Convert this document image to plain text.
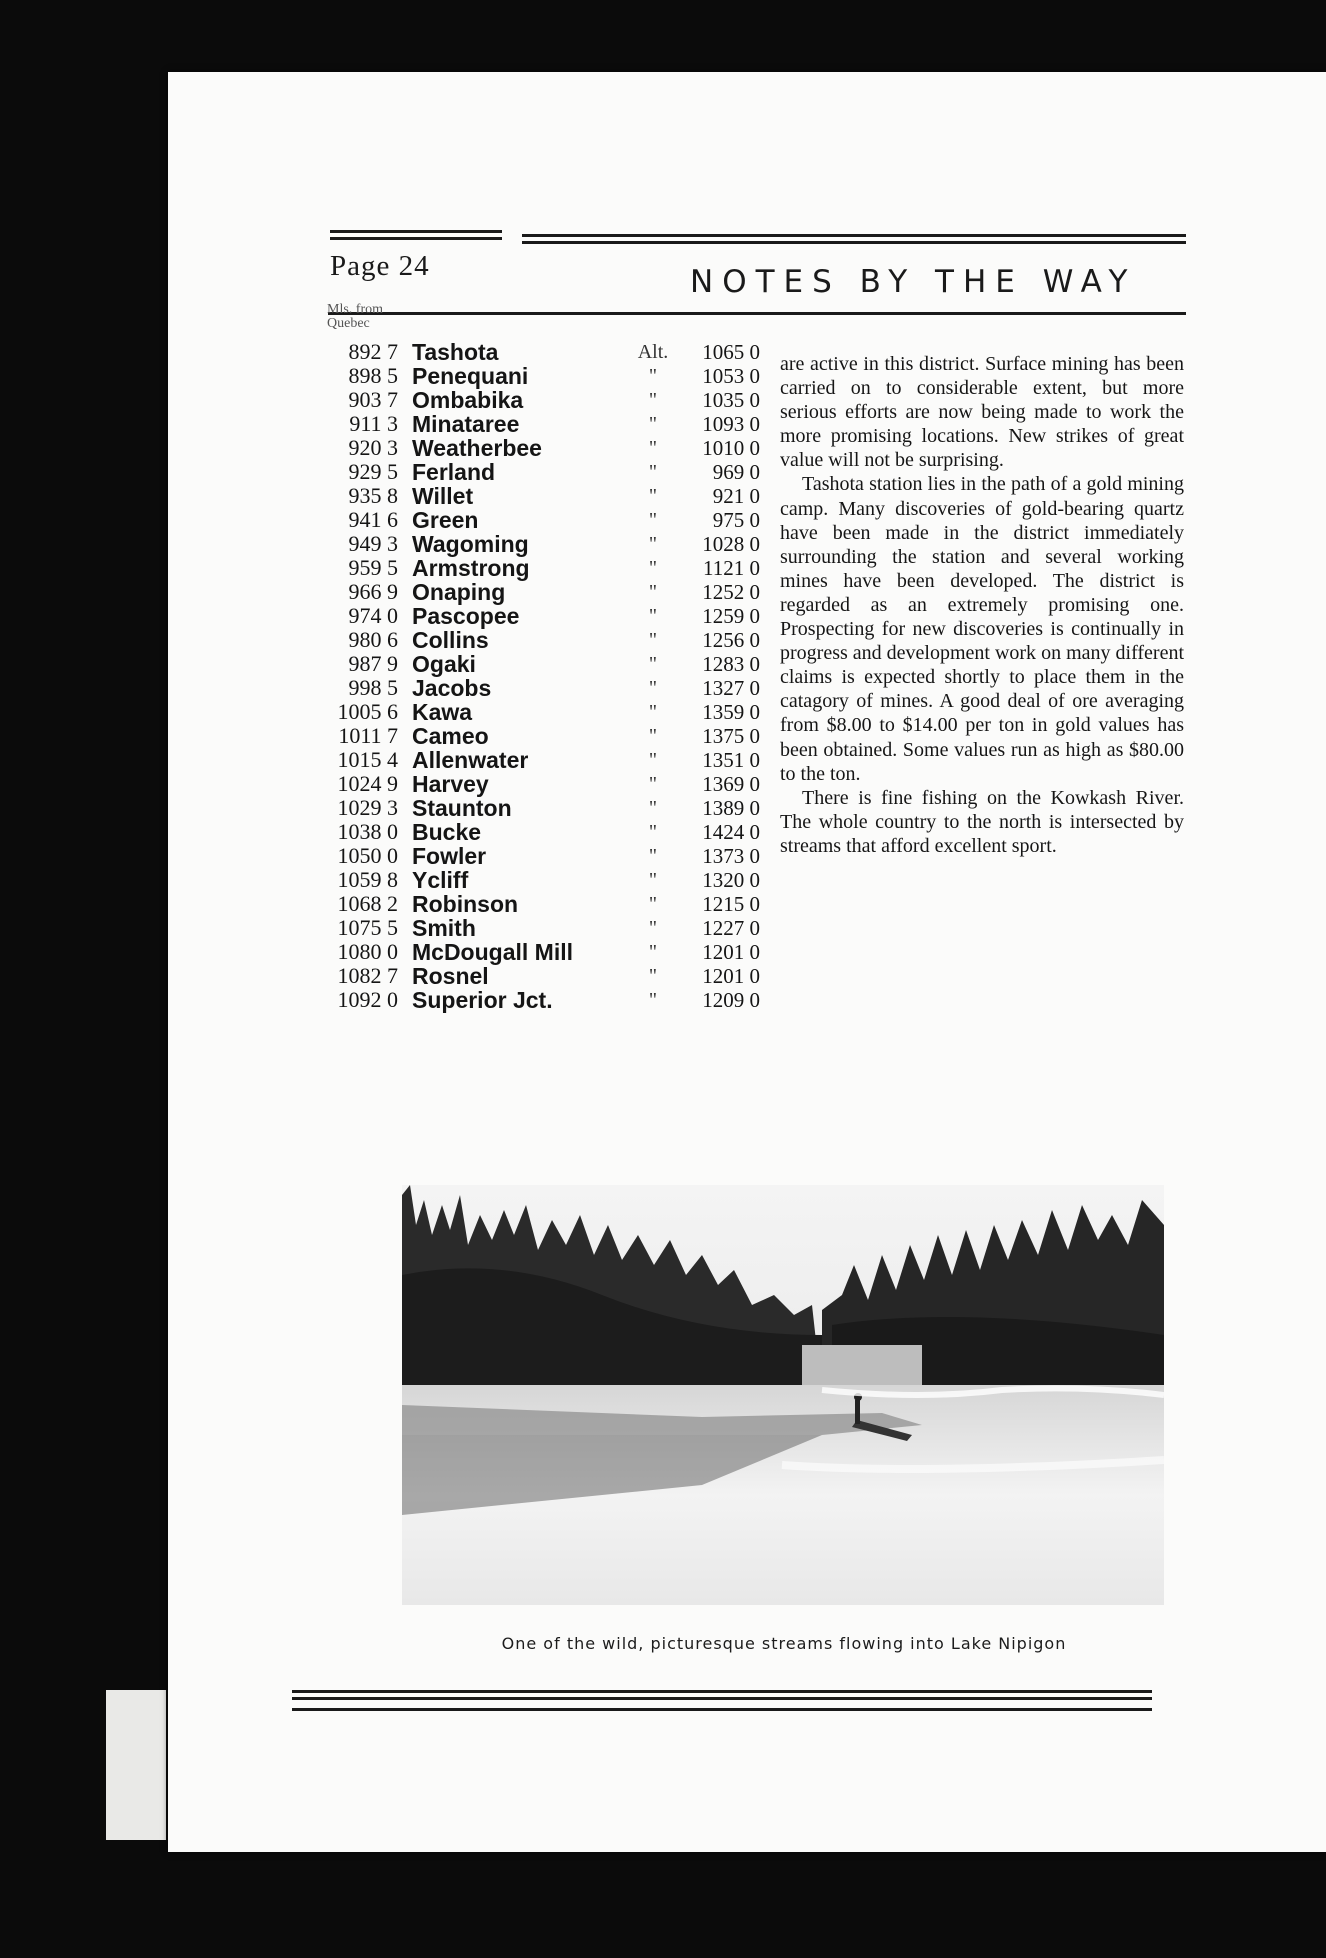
Page 24	NOTES BY THE WAY
Mls. from Quebec
892 7	Tashota	Alt.	1065 0
898 5	Penequani	"	1053 0
903 7	Ombabika	"	1035 0
911 3	Minataree	"	1093 0
920 3	Weatherbee	"	1010 0
929 5	Ferland	"	969 0
935 8	Willet	"	921 0
941 6	Green	"	975 0
949 3	Wagoming	"	1028 0
959 5	Armstrong	"	1121 0
966 9	Onaping	"	1252 0
974 0	Pascopee	"	1259 0
980 6	Collins	"	1256 0
987 9	Ogaki	"	1283 0
998 5	Jacobs	"	1327 0
1005 6	Kawa	"	1359 0
1011 7	Cameo	"	1375 0
1015 4	Allenwater	"	1351 0
1024 9	Harvey	"	1369 0
1029 3	Staunton	"	1389 0
1038 0	Bucke	"	1424 0
1050 0	Fowler	"	1373 0
1059 8	Ycliff	"	1320 0
1068 2	Robinson	"	1215 0
1075 5	Smith	"	1227 0
1080 0	McDougall Mill	"	1201 0
1082 7	Rosnel	"	1201 0
1092 0	Superior Jct.	"	1209 0

are active in this district. Surface mining has been carried on to considerable extent, but more serious efforts are now being made to work the more promising locations. New strikes of great value will not be surprising.

Tashota station lies in the path of a gold mining camp. Many discoveries of gold-bearing quartz have been made in the district immediately surrounding the station and several working mines have been developed. The district is regarded as an extremely promising one. Prospecting for new discoveries is continually in progress and development work on many different claims is expected shortly to place them in the catagory of mines. A good deal of ore averaging from $8.00 to $14.00 per ton in gold values has been obtained. Some values run as high as $80.00 to the ton.

There is fine fishing on the Kowkash River. The whole country to the north is intersected by streams that afford excellent sport.

One of the wild, picturesque streams flowing into Lake Nipigon
